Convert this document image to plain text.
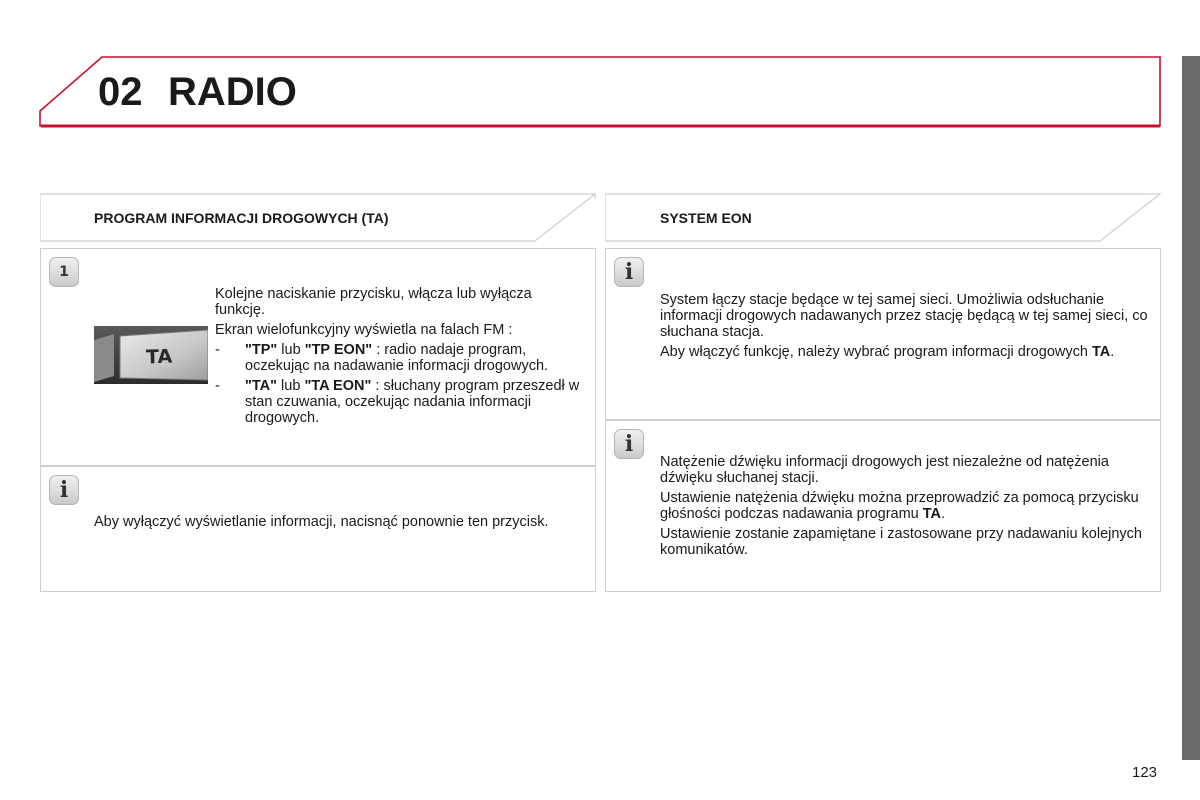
02 RADIO
PROGRAM INFORMACJI DROGOWYCH (TA)	SYSTEM EON
1
TA

Kolejne naciskanie przycisku, włącza lub wyłącza funkcję.

Ekran wielofunkcyjny wyświetla na falach FM :

-	"TP" lub "TP EON" : radio nadaje program, oczekując na nadawanie informacji drogowych.
-	"TA" lub "TA EON" : słuchany program przeszedł w stan czuwania, oczekując nadania informacji drogowych.
i
Aby wyłączyć wyświetlanie informacji, nacisnąć ponownie ten przycisk.
i

System łączy stacje będące w tej samej sieci. Umożliwia odsłuchanie informacji drogowych nadawanych przez stację będącą w tej samej sieci, co słuchana stacja.

Aby włączyć funkcję, należy wybrać program informacji drogowych TA.

i

Natężenie dźwięku informacji drogowych jest niezależne od natężenia dźwięku słuchanej stacji.

Ustawienie natężenia dźwięku można przeprowadzić za pomocą przycisku głośności podczas nadawania programu TA.

Ustawienie zostanie zapamiętane i zastosowane przy nadawaniu kolejnych komunikatów.

123
